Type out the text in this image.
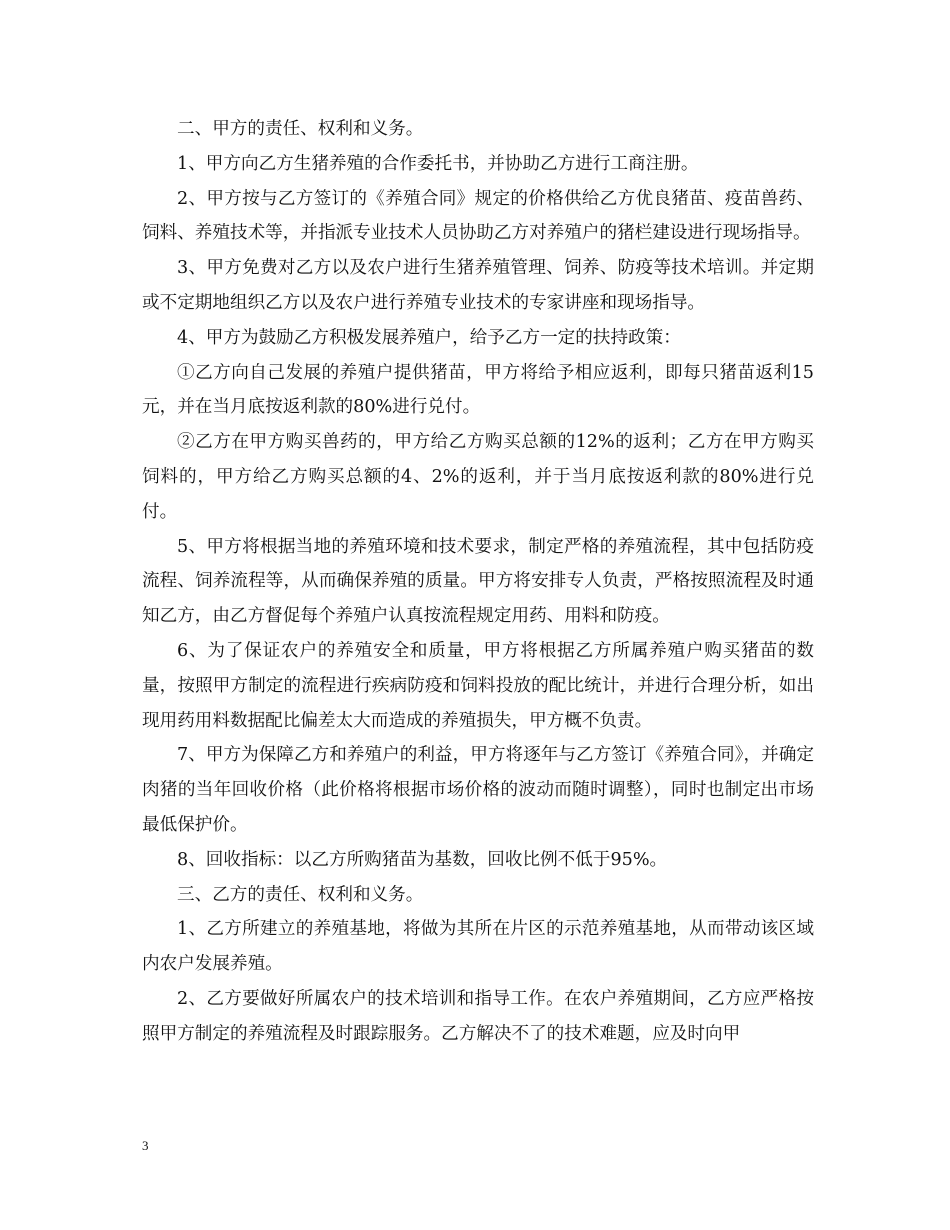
二、甲方的责任、权利和义务。

1、甲方向乙方生猪养殖的合作委托书，并协助乙方进行工商注册。

2、甲方按与乙方签订的《养殖合同》规定的价格供给乙方优良猪苗、疫苗兽药、饲料、养殖技术等，并指派专业技术人员协助乙方对养殖户的猪栏建设进行现场指导。

3、甲方免费对乙方以及农户进行生猪养殖管理、饲养、防疫等技术培训。并定期或不定期地组织乙方以及农户进行养殖专业技术的专家讲座和现场指导。

4、甲方为鼓励乙方积极发展养殖户，给予乙方一定的扶持政策：

①乙方向自己发展的养殖户提供猪苗，甲方将给予相应返利，即每只猪苗返利15元，并在当月底按返利款的80%进行兑付。

②乙方在甲方购买兽药的，甲方给乙方购买总额的12%的返利；乙方在甲方购买饲料的，甲方给乙方购买总额的4、2%的返利，并于当月底按返利款的80%进行兑付。

5、甲方将根据当地的养殖环境和技术要求，制定严格的养殖流程，其中包括防疫流程、饲养流程等，从而确保养殖的质量。甲方将安排专人负责，严格按照流程及时通知乙方，由乙方督促每个养殖户认真按流程规定用药、用料和防疫。

6、为了保证农户的养殖安全和质量，甲方将根据乙方所属养殖户购买猪苗的数量，按照甲方制定的流程进行疾病防疫和饲料投放的配比统计，并进行合理分析，如出现用药用料数据配比偏差太大而造成的养殖损失，甲方概不负责。

7、甲方为保障乙方和养殖户的利益，甲方将逐年与乙方签订《养殖合同》，并确定肉猪的当年回收价格（此价格将根据市场价格的波动而随时调整），同时也制定出市场最低保护价。

8、回收指标：以乙方所购猪苗为基数，回收比例不低于95%。

三、乙方的责任、权利和义务。

1、乙方所建立的养殖基地，将做为其所在片区的示范养殖基地，从而带动该区域内农户发展养殖。

2、乙方要做好所属农户的技术培训和指导工作。在农户养殖期间，乙方应严格按照甲方制定的养殖流程及时跟踪服务。乙方解决不了的技术难题，应及时向甲

3
